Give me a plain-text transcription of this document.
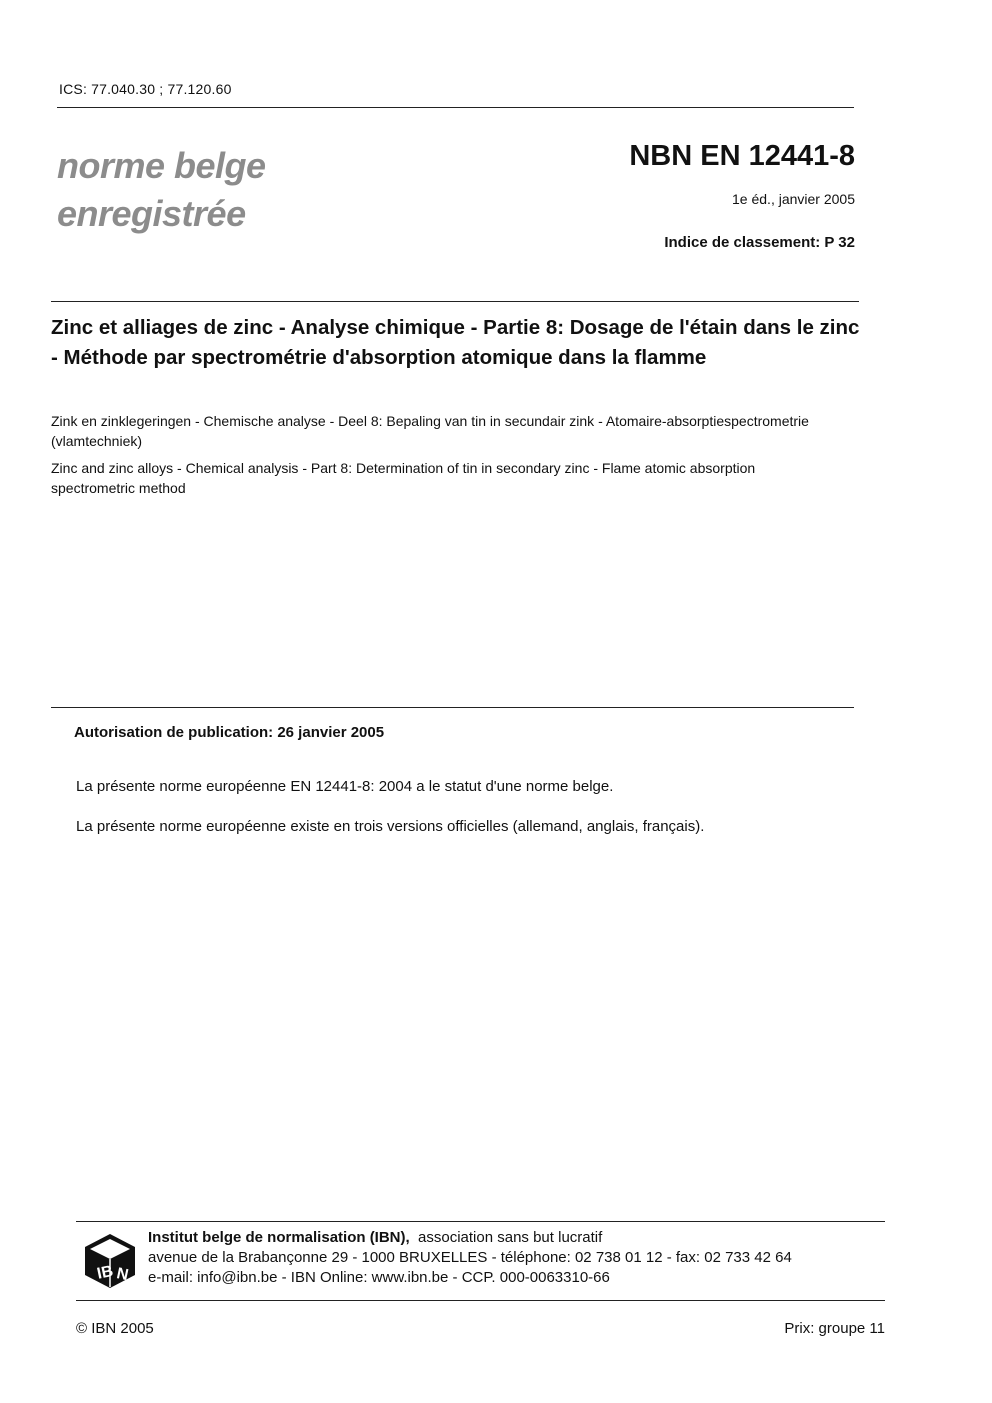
ICS: 77.040.30 ; 77.120.60
norme belge
enregistrée
NBN EN 12441-8
1e éd., janvier 2005
Indice de classement: P 32
Zinc et alliages de zinc - Analyse chimique - Partie 8: Dosage de l'étain dans le zinc - Méthode par spectrométrie d'absorption atomique dans la flamme
Zink en zinklegeringen - Chemische analyse - Deel 8: Bepaling van tin in secundair zink - Atomaire-absorptiespectrometrie (vlamtechniek)
Zinc and zinc alloys - Chemical analysis - Part 8: Determination of tin in secondary zinc - Flame atomic absorption spectrometric method
Autorisation de publication: 26 janvier 2005
La présente norme européenne EN 12441-8: 2004 a le statut d'une norme belge.
La présente norme européenne existe en trois versions officielles (allemand, anglais, français).
IB N
Institut belge de normalisation (IBN), association sans but lucratif
avenue de la Brabançonne 29 - 1000 BRUXELLES - téléphone: 02 738 01 12 - fax: 02 733 42 64
e-mail: info@ibn.be - IBN Online: www.ibn.be - CCP. 000-0063310-66
© IBN 2005	Prix: groupe 11
